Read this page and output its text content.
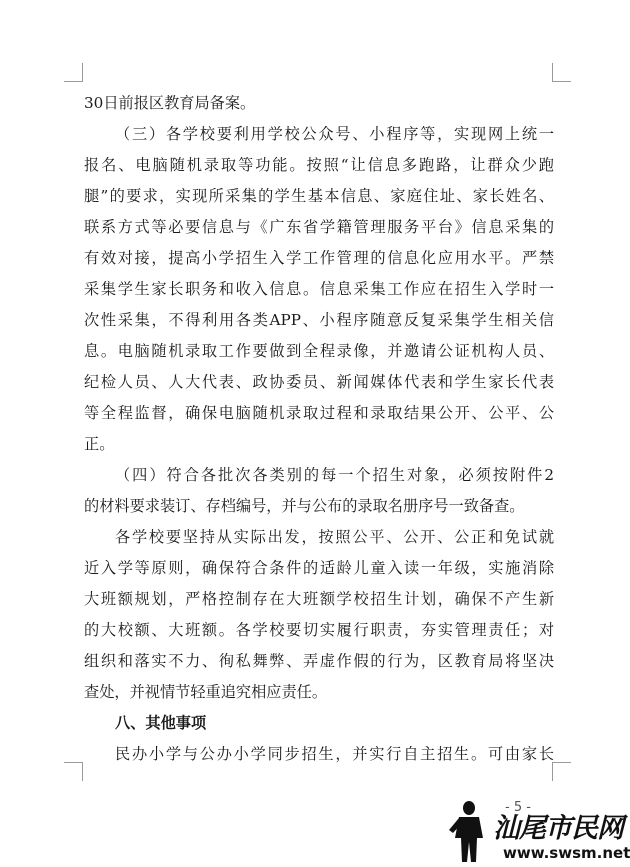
30日前报区教育局备案。
（三）各学校要利用学校公众号、小程序等，实现网上统一
报名、电脑随机录取等功能。按照“让信息多跑路，让群众少跑
腿”的要求，实现所采集的学生基本信息、家庭住址、家长姓名、
联系方式等必要信息与《广东省学籍管理服务平台》信息采集的
有效对接，提高小学招生入学工作管理的信息化应用水平。严禁
采集学生家长职务和收入信息。信息采集工作应在招生入学时一
次性采集，不得利用各类APP、小程序随意反复采集学生相关信
息。电脑随机录取工作要做到全程录像，并邀请公证机构人员、
纪检人员、人大代表、政协委员、新闻媒体代表和学生家长代表
等全程监督，确保电脑随机录取过程和录取结果公开、公平、公
正。
（四）符合各批次各类别的每一个招生对象，必须按附件2
的材料要求装订、存档编号，并与公布的录取名册序号一致备查。
各学校要坚持从实际出发，按照公平、公开、公正和免试就
近入学等原则，确保符合条件的适龄儿童入读一年级，实施消除
大班额规划，严格控制存在大班额学校招生计划，确保不产生新
的大校额、大班额。各学校要切实履行职责，夯实管理责任；对
组织和落实不力、徇私舞弊、弄虚作假的行为，区教育局将坚决
查处，并视情节轻重追究相应责任。
八、其他事项
民办小学与公办小学同步招生，并实行自主招生。可由家长
- 5 -
汕尾市民网
www.swsm.net
